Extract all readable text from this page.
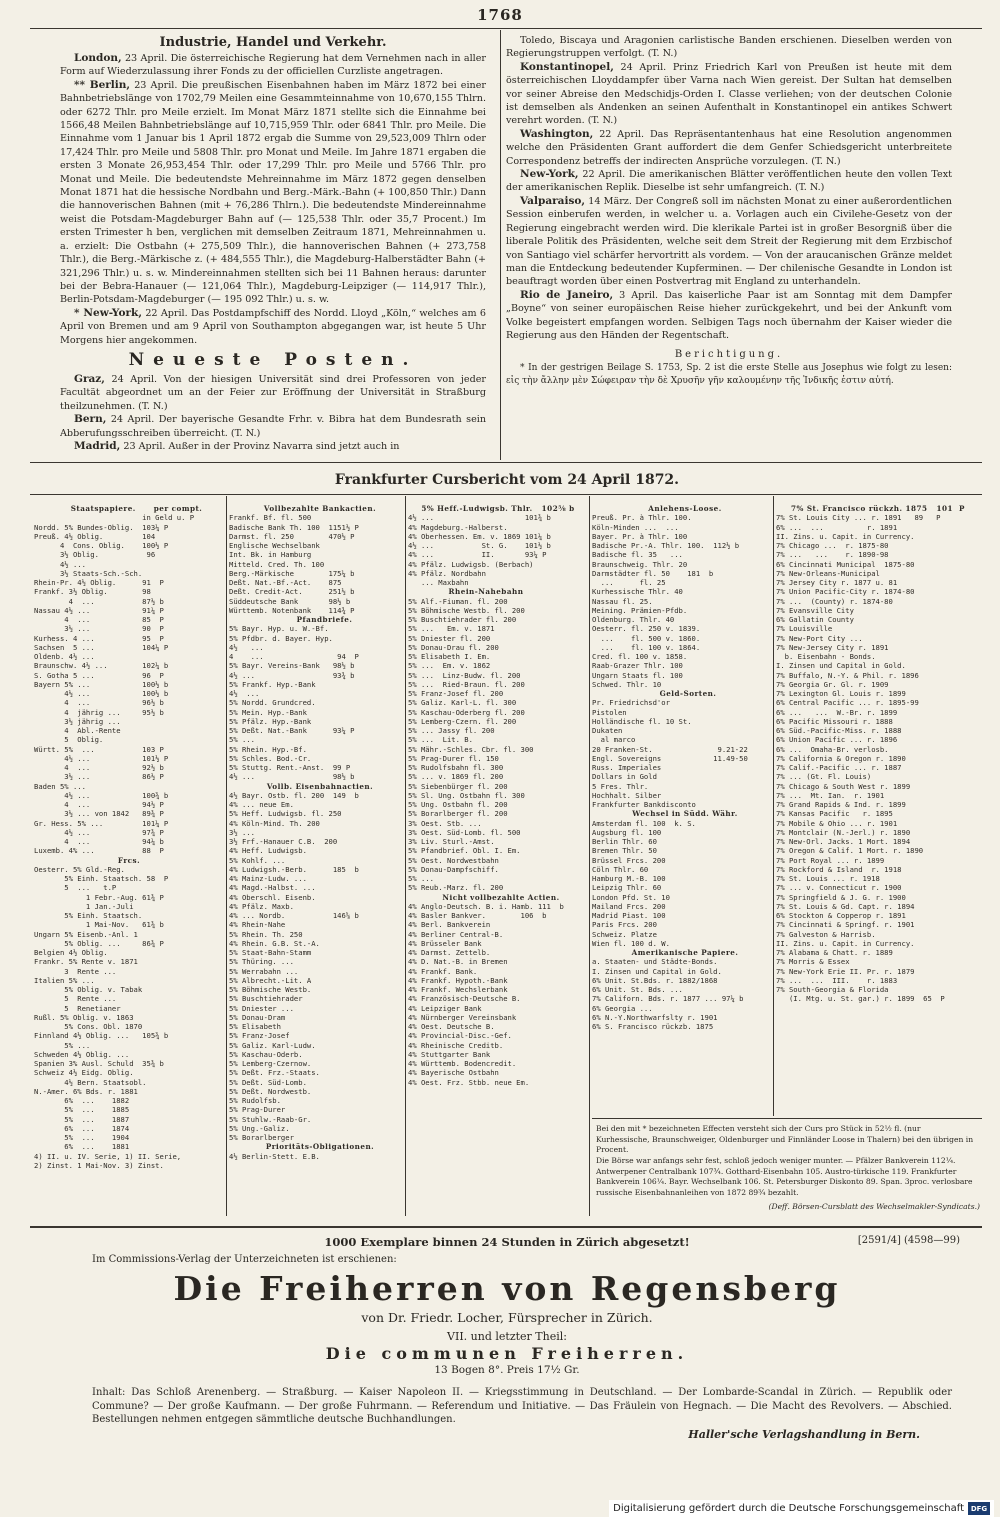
1768
Industrie, Handel und Verkehr.

London, 23 April. Die österreichische Regierung hat dem Vernehmen nach in aller Form auf Wiederzulassung ihrer Fonds zu der officiellen Curzliste angetragen.

** Berlin, 23 April. Die preußischen Eisenbahnen haben im März 1872 bei einer Bahnbetriebslänge von 1702,79 Meilen eine Gesammteinnahme von 10,670,155 Thlrn. oder 6272 Thlr. pro Meile erzielt. Im Monat März 1871 stellte sich die Einnahme bei 1566,48 Meilen Bahnbetriebslänge auf 10,715,959 Thlr. oder 6841 Thlr. pro Meile. Die Einnahme vom 1 Januar bis 1 April 1872 ergab die Summe von 29,523,009 Thlrn oder 17,424 Thlr. pro Meile und 5808 Thlr. pro Monat und Meile. Im Jahre 1871 ergaben die ersten 3 Monate 26,953,454 Thlr. oder 17,299 Thlr. pro Meile und 5766 Thlr. pro Monat und Meile. Die bedeutendste Mehreinnahme im März 1872 gegen denselben Monat 1871 hat die hessische Nordbahn und Berg.-Märk.-Bahn (+ 100,850 Thlr.) Dann die hannoverischen Bahnen (mit + 76,286 Thlrn.). Die bedeutendste Mindereinnahme weist die Potsdam-Magdeburger Bahn auf (— 125,538 Thlr. oder 35,7 Procent.) Im ersten Trimester h ben, verglichen mit demselben Zeitraum 1871, Mehreinnahmen u. a. erzielt: Die Ostbahn (+ 275,509 Thlr.), die hannoverischen Bahnen (+ 273,758 Thlr.), die Berg.-Märkische z. (+ 484,555 Thlr.), die Magdeburg-Halberstädter Bahn (+ 321,296 Thlr.) u. s. w. Mindereinnahmen stellten sich bei 11 Bahnen heraus: darunter bei der Bebra-Hanauer (— 121,064 Thlr.), Magdeburg-Leipziger (— 114,917 Thlr.), Berlin-Potsdam-Magdeburger (— 195 092 Thlr.) u. s. w.

* New-York, 22 April. Das Postdampfschiff des Nordd. Lloyd „Köln,“ welches am 6 April von Bremen und am 9 April von Southampton abgegangen war, ist heute 5 Uhr Morgens hier angekommen.

Neueste Posten.

Graz, 24 April. Von der hiesigen Universität sind drei Professoren von jeder Facultät abgeordnet um an der Feier zur Eröffnung der Universität in Straßburg theilzunehmen. (T. N.)

Bern, 24 April. Der bayerische Gesandte Frhr. v. Bibra hat dem Bundesrath sein Abberufungsschreiben überreicht. (T. N.)

Madrid, 23 April. Außer in der Provinz Navarra sind jetzt auch in

Toledo, Biscaya und Aragonien carlistische Banden erschienen. Dieselben werden von Regierungstruppen verfolgt. (T. N.)

Konstantinopel, 24 April. Prinz Friedrich Karl von Preußen ist heute mit dem österreichischen Lloyddampfer über Varna nach Wien gereist. Der Sultan hat demselben vor seiner Abreise den Medschidjs-Orden I. Classe verliehen; von der deutschen Colonie ist demselben als Andenken an seinen Aufenthalt in Konstantinopel ein antikes Schwert verehrt worden. (T. N.)

Washington, 22 April. Das Repräsentantenhaus hat eine Resolution angenommen welche den Präsidenten Grant auffordert die dem Genfer Schiedsgericht unterbreitete Correspondenz betreffs der indirecten Ansprüche vorzulegen. (T. N.)

New-York, 22 April. Die amerikanischen Blätter veröffentlichen heute den vollen Text der amerikanischen Replik. Dieselbe ist sehr umfangreich. (T. N.)

Valparaiso, 14 März. Der Congreß soll im nächsten Monat zu einer außerordentlichen Session einberufen werden, in welcher u. a. Vorlagen auch ein Civilehe-Gesetz von der Regierung eingebracht werden wird. Die klerikale Partei ist in großer Besorgniß über die liberale Politik des Präsidenten, welche seit dem Streit der Regierung mit dem Erzbischof von Santiago viel schärfer hervortritt als vordem. — Von der araucanischen Gränze meldet man die Entdeckung bedeutender Kupferminen. — Der chilenische Gesandte in London ist beauftragt worden über einen Postvertrag mit England zu unterhandeln.

Rio de Janeiro, 3 April. Das kaiserliche Paar ist am Sonntag mit dem Dampfer „Boyne“ von seiner europäischen Reise hieher zurückgekehrt, und bei der Ankunft vom Volke begeistert empfangen worden. Selbigen Tags noch übernahm der Kaiser wieder die Regierung aus den Händen der Regentschaft.

Berichtigung.

* In der gestrigen Beilage S. 1753, Sp. 2 ist die erste Stelle aus Josephus wie folgt zu lesen: εἰς τὴν ἄλλην μὲν Σώφειραν τὴν δὲ Χρυσῆν γῆν καλουμένην τῆς Ἰνδικῆς ἐστιν αὐτή.

Frankfurter Cursbericht vom 24 April 1872.
Staatspapiere.      per compt.
in Geld u. P
Nordd. 5% Bundes-Oblig.  103¼ P
Preuß. 4½ Oblig.         104
4  Cons. Oblig.    100½ P
3½ Oblig.           96
4½ ...
3½ Staats-Sch.-Sch.
Rhein-Pr. 4½ Oblig.      91  P
Frankf. 3½ Oblig.        98
4  ...           87½ b
Nassau 4½ ...            91¼ P
4  ...            85  P
3½ ...            90  P
Kurhess. 4 ...           95  P
Sachsen  5 ...           104¼ P
Oldenb. 4½ ...
Braunschw. 4½ ...        102¼ b
S. Gotha 5 ...           96  P
Bayern 5% ...            100½ b
4½ ...            100½ b
4  ...            96½ b
4  jährig ...     95½ b
3½ jährig ...
4  Abl.-Rente
5  Oblig.
Württ. 5%  ...           103 P
4½ ...            101½ P
4  ...            92½ b
3½ ...            86½ P
Baden 5% ...
4½ ...            100¾ b
4  ...            94½ P
3½ ... von 1842   89¾ P
Gr. Hess. 5% ...         101¼ P
4½ ...            97¾ P
4  ...            94¼ b
Luxemb. 4% ...           88  P
Frcs.
Oesterr. 5% Gld.-Reg.
5% Einh. Staatsch. 58  P
5  ...   t.P
1 Febr.-Aug. 61¾ P
1 Jan.-Juli
5% Einh. Staatsch.
1 Mai-Nov.   61¾ b
Ungarn 5% Eisenb.-Anl. 1
5% Oblig. ...     86¾ P
Belgien 4½ Oblig.
Frankr. 5% Rente v. 1871
3  Rente ...
Italien 5% ...
5% Oblig. v. Tabak
5  Rente ...
5  Renetianer
Rußl. 5% Oblig. v. 1863
5% Cons. Obl. 1870
Finnland 4½ Oblig. ...   105¾ b
5% ...
Schweden 4½ Oblig. ...
Spanien 3% Ausl. Schuld  35¾ b
Schweiz 4½ Eidg. Oblig.
4½ Bern. Staatsobl.
N.-Amer. 6% Bds. r. 1881
6%  ...    1882
5%  ...    1885
5%  ...    1887
6%  ...    1874
5%  ...    1904
6%  ...    1881
4) II. u. IV. Serie, 1) II. Serie,
2) Zinst. 1 Mai-Nov. 3) Zinst.
Vollbezahlte Bankactien.
Frankf. Bf. fl. 500
Badische Bank Th. 100  1151½ P
Darmst. fl. 250        470½ P
Englische Wechselbank
Int. Bk. in Hamburg
Mitteld. Cred. Th. 100
Berg.-Märkische        175¼ b
Deßt. Nat.-Bf.-Act.    875
Deßt. Credit-Act.      251½ b
Süddeutsche Bank       98½ b
Württemb. Notenbank    114¾ P
Pfandbriefe.
5% Bayr. Hyp. u. W.-Bf.
5% Pfdbr. d. Bayer. Hyp.
4½   ...
4    ...                 94  P
5% Bayr. Vereins-Bank   98½ b
4½ ...                  93¾ b
5% Frankf. Hyp.-Bank
4½  ...
5% Nordd. Grundcred.
5% Mein. Hyp.-Bank
5% Pfälz. Hyp.-Bank
5% Deßt. Nat.-Bank      93¼ P
5% ...
5% Rhein. Hyp.-Bf.
5% Schles. Bod.-Cr.
5% Stuttg. Rent.-Anst.  99 P
4½ ...                  98½ b
Vollb. Eisenbahnactien.
4½ Bayr. Ostb. fl. 200  149  b
4% ... neue Em.
5% Heff. Ludwigsb. fl. 250
4% Köln-Mind. Th. 200
3½ ...
3½ Frf.-Hanauer C.B.  200
4% Heff. Ludwigsb.
5% Kohlf. ...
4% Ludwigsh.-Berb.      185  b
4% Mainz-Ludw. ...
4% Magd.-Halbst. ...
4% Oberschl. Eisenb.
4% Pfälz. Maxb.
4% ... Nordb.           146⅝ b
4% Rhein-Nahe
5% Rhein. Th. 250
4% Rhein. G.B. St.-A.
5% Staat-Bahn-Stamm
5% Thüring. ...
5% Werrabahn ...
5% Albrecht.-Lit. A
5% Böhmische Westb.
5% Buschtiehrader
5% Dniester ...
5% Donau-Dram
5% Elisabeth
5% Franz-Josef
5% Galiz. Karl-Ludw.
5% Kaschau-Oderb.
5% Lemberg-Czernow.
5% Deßt. Frz.-Staats.
5% Deßt. Süd-Lomb.
5% Deßt. Nordwestb.
5% Rudolfsb.
5% Prag-Durer
5% Stuhlw.-Raab-Gr.
5% Ung.-Galiz.
5% Borarlberger
Prioritäts-Obligationen.
4½ Berlin-Stett. E.B.
5% Heff.-Ludwigsb. Thlr.   102⅝ b
4½ ...                     101¾ b
4% Magdeburg.-Halberst.
4% Oberhessen. Em. v. 1869 101¼ b
4½ ...           St. G.    101½ b
4% ...           II.       93¼ P
4% Pfälz. Ludwigsb. (Berbach)
4% Pfälz. Nordbahn
... Maxbahn
Rhein-Nahebahn
5% Alf.-Fiuman. fl. 200
5% Böhmische Westb. fl. 200
5% Buschtiehrader fl. 200
5% ...   Em. v. 1871
5% Dniester fl. 200
5% Donau-Drau fl. 200
5% Elisabeth I. Em.
5% ...  Em. v. 1862
5% ...  Linz-Budw. fl. 200
5% ...  Ried-Braun. fl. 200
5% Franz-Josef fl. 200
5% Galiz. Karl-L. fl. 300
5% Kaschau-Oderberg fl. 200
5% Lemberg-Czern. fl. 200
5% ... Jassy fl. 200
5% ...  Lit. B.
5% Mähr.-Schles. Cbr. fl. 300
5% Prag-Durer fl. 150
5% Rudolfsbahn fl. 300
5% ... v. 1869 fl. 200
5% Siebenbürger fl. 200
5% Sl. Ung. Ostbahn fl. 300
5% Ung. Ostbahn fl. 200
5% Borarlberger fl. 200
3% Oest. Stb. ...
3% Oest. Süd-Lomb. fl. 500
3% Liv. Sturl.-Amst.
5% Pfandbrief. Obl. I. Em.
5% Oest. Nordwestbahn
5% Donau-Dampfschiff.
5% ...
5% Reub.-Marz. fl. 200
Nicht vollbezahlte Actien.
4% Anglo-Deutsch. B. i. Hamb. 111  b
4% Basler Bankver.        106  b
4% Berl. Bankverein
4% Berliner Central-B.
4% Brüsseler Bank
4% Darmst. Zettelb.
4% D. Nat.-B. in Bremen
4% Frankf. Bank.
4% Frankf. Hypoth.-Bank
4% Frankf. Wechslerbank
4% Französisch-Deutsche B.
4% Leipziger Bank
4% Nürnberger Vereinsbank
4% Oest. Deutsche B.
4% Provincial-Disc.-Gef.
4% Rheinische Creditb.
4% Stuttgarter Bank
4% Württemb. Bodencredit.
4% Bayerische Ostbahn
4% Oest. Frz. Stbb. neue Em.
Anlehens-Loose.
Preuß. Pr. à Thlr. 100.
Köln-Minden ...  ...
Bayer. Pr. à Thlr. 100
Badische Pr.-A. Thlr. 100.  112½ b
Badische fl. 35   ...
Braunschweig. Thlr. 20
Darmstädter fl. 50    181  b
...      fl. 25
Kurhessische Thlr. 40
Nassau fl. 25.
Meining. Prämien-Pfdb.
Oldenburg. Thlr. 40
Oesterr. fl. 250 v. 1839.
...    fl. 500 v. 1860.
...    fl. 100 v. 1864.
Cred. fl. 100 v. 1858.
Raab-Grazer Thlr. 100
Ungarn Staats fl. 100
Schwed. Thlr. 10
Geld-Sorten.
Pr. Friedrichsd'or
Pistolen
Holländische fl. 10 St.
Dukaten
al marco
20 Franken-St.               9.21-22
Engl. Sovereigns            11.49-50
Russ. Imperiales
Dollars in Gold
5 Fres. Thlr.
Hochhalt. Silber
Frankfurter Bankdisconto
Wechsel in Südd. Währ.
Amsterdam fl. 100  k. S.
Augsburg fl. 100
Berlin Thlr. 60
Bremen Thlr. 50
Brüssel Frcs. 200
Cöln Thlr. 60
Hamburg M.-B. 100
Leipzig Thlr. 60
London Pfd. St. 10
Mailand Frcs. 200
Madrid Piast. 100
Paris Frcs. 200
Schweiz. Platze
Wien fl. 100 d. W.
Amerikanische Papiere.
a. Staaten- und Städte-Bonds.
I. Zinsen und Capital in Gold.
6% Unit. St.Bds. r. 1882/1868
6% Unit. St. Bds. ...
7% Californ. Bds. r. 1877 ... 97¼ b
6% Georgia ...
6% N.-Y.Northwarfslty r. 1901
6% S. Francisco rückzb. 1875
7% St. Francisco rückzh. 1875   101  P
7% St. Louis City ... r. 1891   89   P
6% ...  ...          r. 1891
II. Zins. u. Capit. in Currency.
7% Chicago ...  r. 1875-80
7% ...   ...    r. 1890-98
6% Cincinnati Municipal  1875-80
7% New-Orleans-Municipal
7% Jersey City r. 1877 u. 81
7% Union Pacific-City r. 1874-80
7% ...  (County) r. 1874-80
7% Evansville City
6% Gallatin County
7% Louisville
7% New-Port City ...
7% New-Jersey City r. 1891
b. Eisenbahn - Bonds.
I. Zinsen und Capital in Gold.
7% Buffalo, N.-Y. & Phil. r. 1896
7% Georgia Gr. Gl. r. 1909
7% Lexington Gl. Louis r. 1899
6% Central Pacific ... r. 1895-99
6% ...   ...  W.-Br. r. 1899
6% Pacific Missouri r. 1888
6% Süd.-Pacific-Miss. r. 1888
6% Union Pacific ... r. 1896
6% ...  Omaha-Br. verlosb.
7% California & Oregon r. 1890
7% Calif.-Pacific ... r. 1887
7% ... (Gt. Fl. Louis)
7% Chicago & South West r. 1899
7% ...  Mt. Ian.  r. 1901
7% Grand Rapids & Ind. r. 1899
7% Kansas Pacific   r. 1895
7% Mobile & Ohio ... r. 1901
7% Montclair (N.-Jerl.) r. 1890
7% New-Orl. Jacks. 1 Mort. 1894
7% Oregon & Calif. 1 Mort. r. 1890
7% Port Royal ... r. 1899
7% Rockford & Island  r. 1918
7% St. Louis ... r. 1918
7% ... v. Connecticut r. 1900
7% Springfield & J. G. r. 1900
7% St. Louis & Gd. Capt. r. 1894
6% Stockton & Copperop r. 1891
7% Cincinnati & Springf. r. 1901
7% Galveston & Harrisb.
II. Zins. u. Capit. in Currency.
7% Alabama & Chatt. r. 1889
7% Morris & Essex
7% New-York Erie II. Pr. r. 1879
7% ...  ...  III.    r. 1883
7% South-Georgia & Florida
(I. Mtg. u. St. gar.) r. 1899  65  P
Bei den mit * bezeichneten Effecten versteht sich der Curs pro Stück in 52½ fl. (nur Kurhessische, Braunschweiger, Oldenburger und Finnländer Loose in Thalern) bei den übrigen in Procent.
Die Börse war anfangs sehr fest, schloß jedoch weniger munter. — Pfälzer Bankverein 112¼. Antwerpener Centralbank 107¾. Gotthard-Eisenbahn 105. Austro-türkische 119. Frankfurter Bankverein 106¼. Bayr. Wechselbank 106. St. Petersburger Diskonto 89. Span. 3proc. verlosbare russische Eisenbahnanleihen von 1872 89¾ bezahlt.
(Deff. Börsen-Cursblatt des Wechselmakler-Syndicats.)
1000 Exemplare binnen 24 Stunden in Zürich abgesetzt!	[2591/4] (4598—99)
Im Commissions-Verlag der Unterzeichneten ist erschienen:
Die Freiherren von Regensberg
von Dr. Friedr. Locher, Fürsprecher in Zürich.
VII. und letzter Theil:
Die communen Freiherren.
13 Bogen 8°. Preis 17½ Gr.
Inhalt: Das Schloß Arenenberg. — Straßburg. — Kaiser Napoleon II. — Kriegsstimmung in Deutschland. — Der Lombarde-Scandal in Zürich. — Republik oder Commune? — Der große Kaufmann. — Der große Fuhrmann. — Referendum und Initiative. — Das Fräulein von Hegnach. — Die Macht des Revolvers. — Abschied. Bestellungen nehmen entgegen sämmtliche deutsche Buchhandlungen.
Haller'sche Verlagshandlung in Bern.
Digitalisierung gefördert durch die Deutsche Forschungsgemeinschaft DFG
